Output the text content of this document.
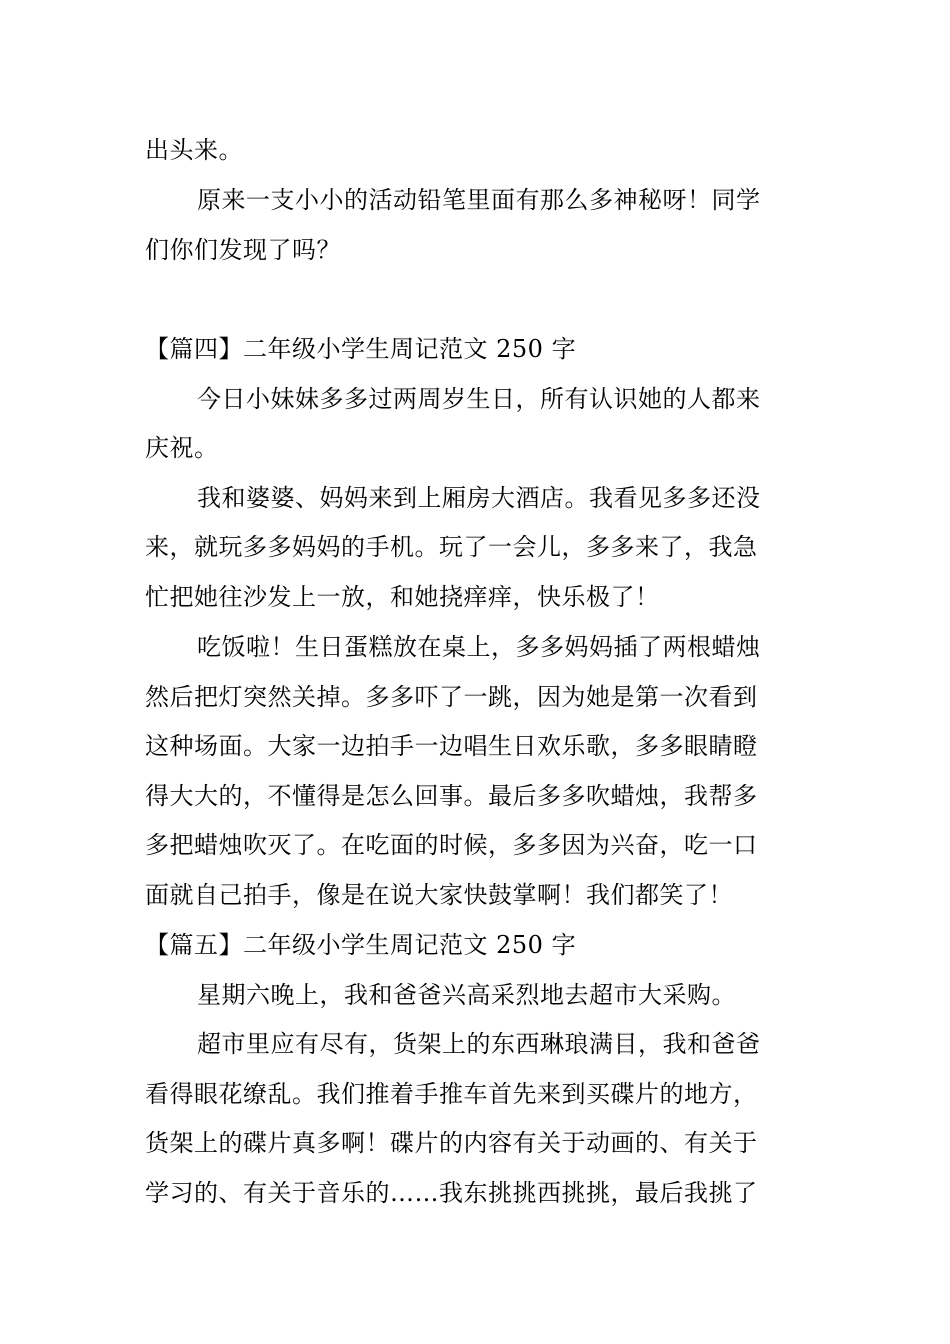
出头来。
原来一支小小的活动铅笔里面有那么多神秘呀！同学
们你们发现了吗？
【篇四】二年级小学生周记范文 250 字
今日小妹妹多多过两周岁生日，所有认识她的人都来
庆祝。
我和婆婆、妈妈来到上厢房大酒店。我看见多多还没
来，就玩多多妈妈的手机。玩了一会儿，多多来了，我急
忙把她往沙发上一放，和她挠痒痒，快乐极了！
吃饭啦！生日蛋糕放在桌上，多多妈妈插了两根蜡烛
然后把灯突然关掉。多多吓了一跳，因为她是第一次看到
这种场面。大家一边拍手一边唱生日欢乐歌，多多眼睛瞪
得大大的，不懂得是怎么回事。最后多多吹蜡烛，我帮多
多把蜡烛吹灭了。在吃面的时候，多多因为兴奋，吃一口
面就自己拍手，像是在说大家快鼓掌啊！我们都笑了！
【篇五】二年级小学生周记范文 250 字
星期六晚上，我和爸爸兴高采烈地去超市大采购。
超市里应有尽有，货架上的东西琳琅满目，我和爸爸
看得眼花缭乱。我们推着手推车首先来到买碟片的地方，
货架上的碟片真多啊！碟片的内容有关于动画的、有关于
学习的、有关于音乐的……我东挑挑西挑挑，最后我挑了
